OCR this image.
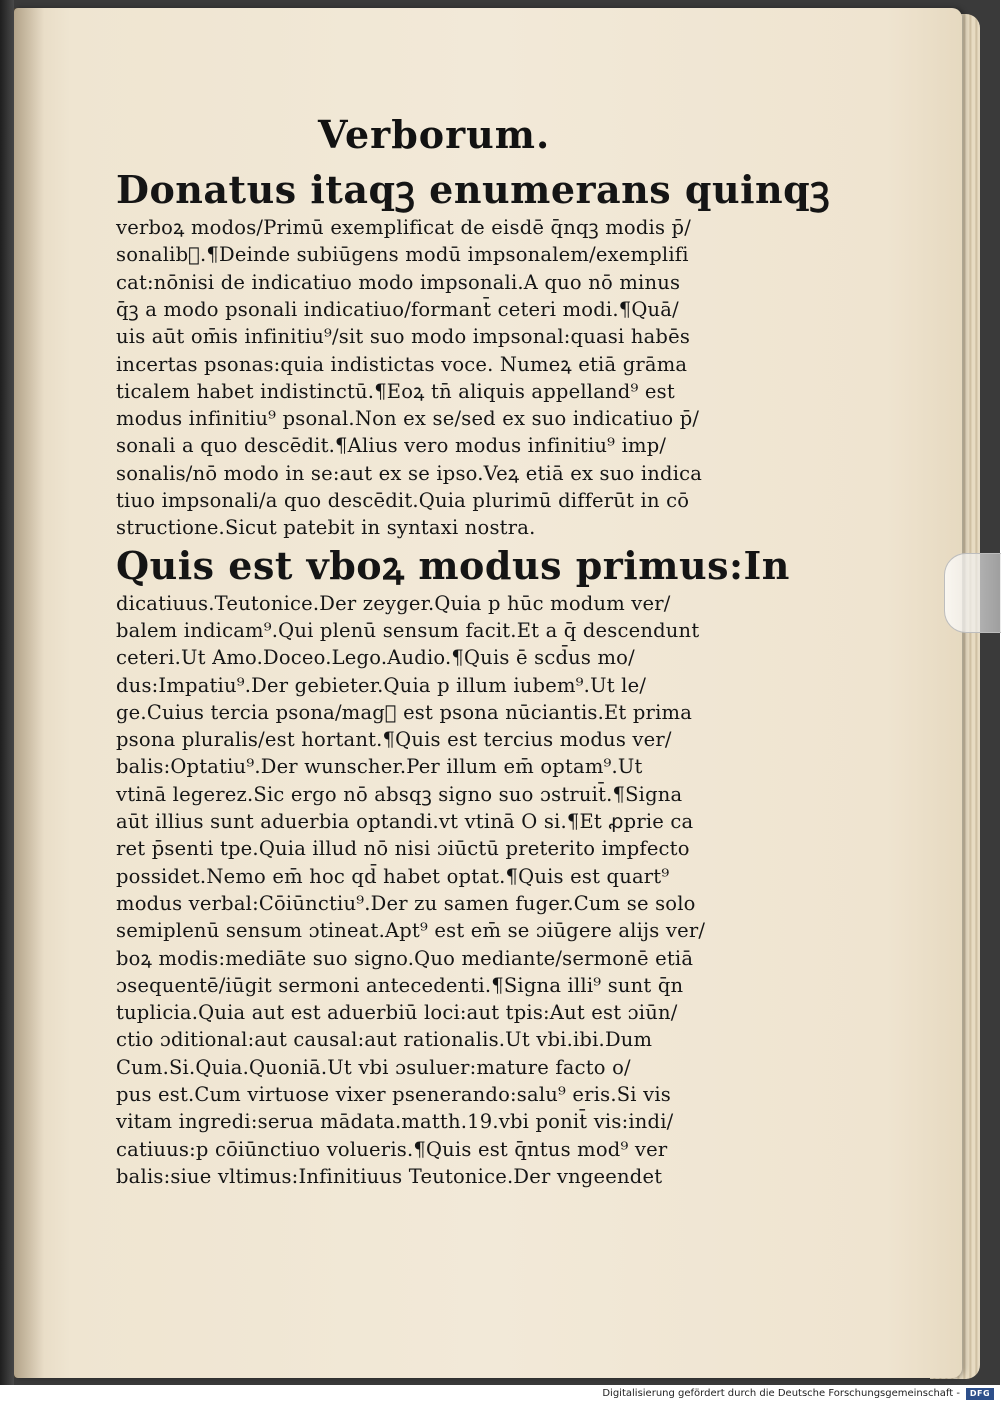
Verborum.
Donatus itaqꝫ enumerans quinqꝫ
verboꝝ modos/Primū exemplificat de eisdē q̄nqꝫ modis p̄/
sonalib᷑.¶Deinde subiūgens modū impsonalem/exemplifi
cat:nōnisi de indicatiuo modo impsonali.A quo nō minus
q̄ꝫ a modo psonali indicatiuo/formant̄ ceteri modi.¶Quā/
uis aūt om̄is infinitiu⁹/sit suo modo impsonal:quasi habēs
incertas psonas:quia indistictas voce. Numeꝝ etiā grāma
ticalem habet indistinctū.¶Eoꝝ tn̄ aliquis appelland⁹ est
modus infinitiu⁹ psonal.Non ex se/sed ex suo indicatiuo p̄/
sonali a quo descēdit.¶Alius vero modus infinitiu⁹ imp/
sonalis/nō modo in se:aut ex se ipso.Veꝝ etiā ex suo indica
tiuo impsonali/a quo descēdit.Quia plurimū differūt in cō
structione.Sicut patebit in syntaxi nostra.
Quis est vboꝝ modus primus:In
dicatiuus.Teutonice.Der zeyger.Quia p hūc modum ver/
balem indicam⁹.Qui plenū sensum facit.Et a q̄ descendunt
ceteri.Ut Amo.Doceo.Lego.Audio.¶Quis ē scd̄us mo/
dus:Impatiu⁹.Der gebieter.Quia p illum iubem⁹.Ut le/
ge.Cuius tercia psona/mag᷒ est psona nūciantis.Et prima
psona pluralis/est hortant.¶Quis est tercius modus ver/
balis:Optatiu⁹.Der wunscher.Per illum em̄ optam⁹.Ut
vtinā legerez.Sic ergo nō absqꝫ signo suo ɔstruit̄.¶Signa
aūt illius sunt aduerbia optandi.vt vtinā O si.¶Et ꝓprie ca
ret p̄senti tpe.Quia illud nō nisi ɔiūctū preterito impfecto
possidet.Nemo em̄ hoc qd̄ habet optat.¶Quis est quart⁹
modus verbal:Cōiūnctiu⁹.Der zu samen fuger.Cum se solo
semiplenū sensum ɔtineat.Apt⁹ est em̄ se ɔiūgere alijs ver/
boꝝ modis:mediāte suo signo.Quo mediante/sermonē etiā
ɔsequentē/iūgit sermoni antecedenti.¶Signa illi⁹ sunt q̄n
tuplicia.Quia aut est aduerbiū loci:aut tpis:Aut est ɔiūn/
ctio ɔditional:aut causal:aut rationalis.Ut vbi.ibi.Dum
Cum.Si.Quia.Quoniā.Ut vbi ɔsuluer:mature facto o/
pus est.Cum virtuose vixer psenerando:salu⁹ eris.Si vis
vitam ingredi:serua mādata.matth.19.vbi ponit̄ vis:indi/
catiuus:p cōiūnctiuo volueris.¶Quis est q̄ntus mod⁹ ver
balis:siue vltimus:Infinitiuus Teutonice.Der vngeendet
Digitalisierung gefördert durch die Deutsche Forschungsgemeinschaft -	DFG
